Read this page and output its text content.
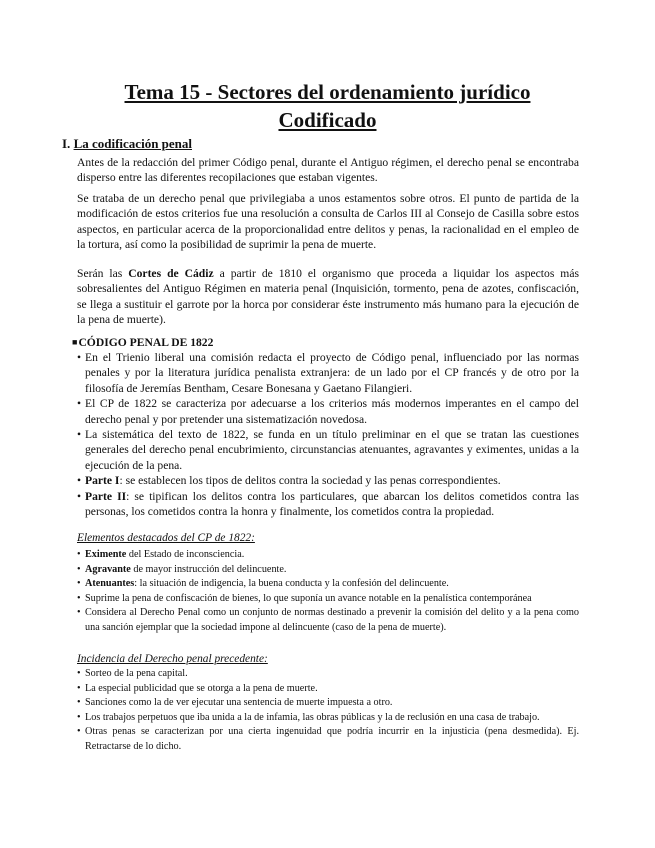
Tema 15 - Sectores del ordenamiento jurídico
Codificado
I. La codificación penal
Antes de la redacción del primer Código penal, durante el Antiguo régimen, el derecho penal se encontraba disperso entre las diferentes recopilaciones que estaban vigentes.
Se trataba de un derecho penal que privilegiaba a unos estamentos sobre otros. El punto de partida de la modificación de estos criterios fue una resolución a consulta de Carlos III al Consejo de Casilla sobre estos aspectos, en particular acerca de la proporcionalidad entre delitos y penas, la racionalidad en el empleo de la tortura, así como la posibilidad de suprimir la pena de muerte.
Serán las Cortes de Cádiz a partir de 1810 el organismo que proceda a liquidar los aspectos más sobresalientes del Antiguo Régimen en materia penal (Inquisición, tormento, pena de azotes, confiscación, se llega a sustituir el garrote por la horca por considerar éste instrumento más humano para la ejecución de la pena de muerte).
■CÓDIGO PENAL DE 1822
• En el Trienio liberal una comisión redacta el proyecto de Código penal, influenciado por las normas penales y por la literatura jurídica penalista extranjera: de un lado por el CP francés y de otro por la filosofía de Jeremías Bentham, Cesare Bonesana y Gaetano Filangieri.
• El CP de 1822 se caracteriza por adecuarse a los criterios más modernos imperantes en el campo del derecho penal y por pretender una sistematización novedosa.
• La sistemática del texto de 1822, se funda en un título preliminar en el que se tratan las cuestiones generales del derecho penal encubrimiento, circunstancias atenuantes, agravantes y eximentes, unidas a la ejecución de la pena.
• Parte I: se establecen los tipos de delitos contra la sociedad y las penas correspondientes.
• Parte II: se tipifican los delitos contra los particulares, que abarcan los delitos cometidos contra las personas, los cometidos contra la honra y finalmente, los cometidos contra la propiedad.
Elementos destacados del CP de 1822:
• Eximente del Estado de inconsciencia.
• Agravante de mayor instrucción del delincuente.
• Atenuantes: la situación de indigencia, la buena conducta y la confesión del delincuente.
• Suprime la pena de confiscación de bienes, lo que suponía un avance notable en la penalística contemporánea
• Considera al Derecho Penal como un conjunto de normas destinado a prevenir la comisión del delito y a la pena como una sanción ejemplar que la sociedad impone al delincuente (caso de la pena de muerte).
Incidencia del Derecho penal precedente:
• Sorteo de la pena capital.
• La especial publicidad que se otorga a la pena de muerte.
• Sanciones como la de ver ejecutar una sentencia de muerte impuesta a otro.
• Los trabajos perpetuos que iba unida a la de infamia, las obras públicas y la de reclusión en una casa de trabajo.
• Otras penas se caracterizan por una cierta ingenuidad que podría incurrir en la injusticia (pena desmedida). Ej. Retractarse de lo dicho.
